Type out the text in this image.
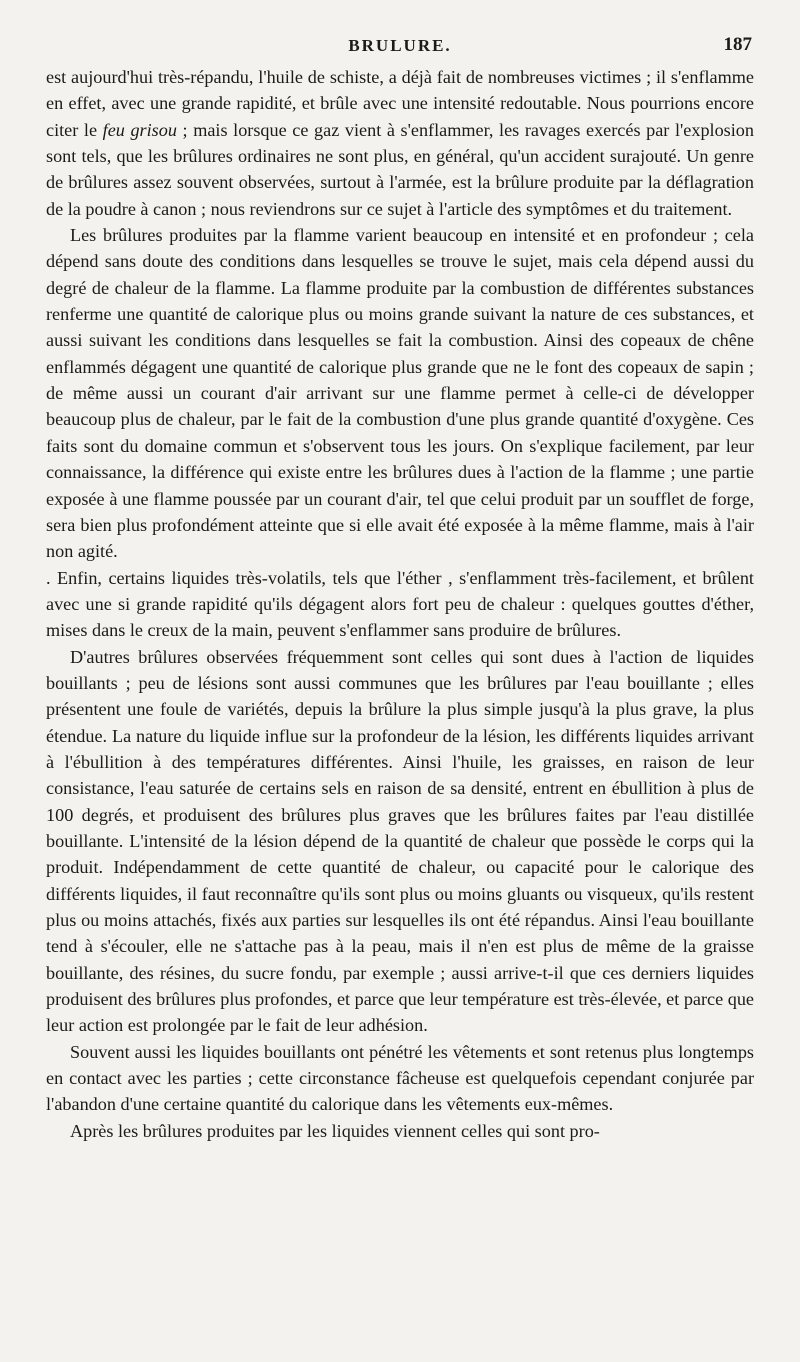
BRULURE.	187

est aujourd'hui très-répandu, l'huile de schiste, a déjà fait de nombreuses victimes ; il s'enflamme en effet, avec une grande rapidité, et brûle avec une intensité redoutable. Nous pourrions encore citer le feu grisou ; mais lorsque ce gaz vient à s'enflammer, les ravages exercés par l'explosion sont tels, que les brûlures ordinaires ne sont plus, en général, qu'un accident surajouté. Un genre de brûlures assez souvent observées, surtout à l'armée, est la brûlure produite par la déflagration de la poudre à canon ; nous reviendrons sur ce sujet à l'article des symptômes et du traitement.

Les brûlures produites par la flamme varient beaucoup en intensité et en profondeur ; cela dépend sans doute des conditions dans lesquelles se trouve le sujet, mais cela dépend aussi du degré de chaleur de la flamme. La flamme produite par la combustion de différentes substances renferme une quantité de calorique plus ou moins grande suivant la nature de ces substances, et aussi suivant les conditions dans lesquelles se fait la combustion. Ainsi des copeaux de chêne enflammés dégagent une quantité de calorique plus grande que ne le font des copeaux de sapin ; de même aussi un courant d'air arrivant sur une flamme permet à celle-ci de développer beaucoup plus de chaleur, par le fait de la combustion d'une plus grande quantité d'oxygène. Ces faits sont du domaine commun et s'observent tous les jours. On s'explique facilement, par leur connaissance, la différence qui existe entre les brûlures dues à l'action de la flamme ; une partie exposée à une flamme poussée par un courant d'air, tel que celui produit par un soufflet de forge, sera bien plus profondément atteinte que si elle avait été exposée à la même flamme, mais à l'air non agité.

. Enfin, certains liquides très-volatils, tels que l'éther , s'enflamment très-facilement, et brûlent avec une si grande rapidité qu'ils dégagent alors fort peu de chaleur : quelques gouttes d'éther, mises dans le creux de la main, peuvent s'enflammer sans produire de brûlures.

D'autres brûlures observées fréquemment sont celles qui sont dues à l'action de liquides bouillants ; peu de lésions sont aussi communes que les brûlures par l'eau bouillante ; elles présentent une foule de variétés, depuis la brûlure la plus simple jusqu'à la plus grave, la plus étendue. La nature du liquide influe sur la profondeur de la lésion, les différents liquides arrivant à l'ébullition à des températures différentes. Ainsi l'huile, les graisses, en raison de leur consistance, l'eau saturée de certains sels en raison de sa densité, entrent en ébullition à plus de 100 degrés, et produisent des brûlures plus graves que les brûlures faites par l'eau distillée bouillante. L'intensité de la lésion dépend de la quantité de chaleur que possède le corps qui la produit. Indépendamment de cette quantité de chaleur, ou capacité pour le calorique des différents liquides, il faut reconnaître qu'ils sont plus ou moins gluants ou visqueux, qu'ils restent plus ou moins attachés, fixés aux parties sur lesquelles ils ont été répandus. Ainsi l'eau bouillante tend à s'écouler, elle ne s'attache pas à la peau, mais il n'en est plus de même de la graisse bouillante, des résines, du sucre fondu, par exemple ; aussi arrive-t-il que ces derniers liquides produisent des brûlures plus profondes, et parce que leur température est très-élevée, et parce que leur action est prolongée par le fait de leur adhésion.

Souvent aussi les liquides bouillants ont pénétré les vêtements et sont retenus plus longtemps en contact avec les parties ; cette circonstance fâcheuse est quelquefois cependant conjurée par l'abandon d'une certaine quantité du calorique dans les vêtements eux-mêmes.

Après les brûlures produites par les liquides viennent celles qui sont pro-
